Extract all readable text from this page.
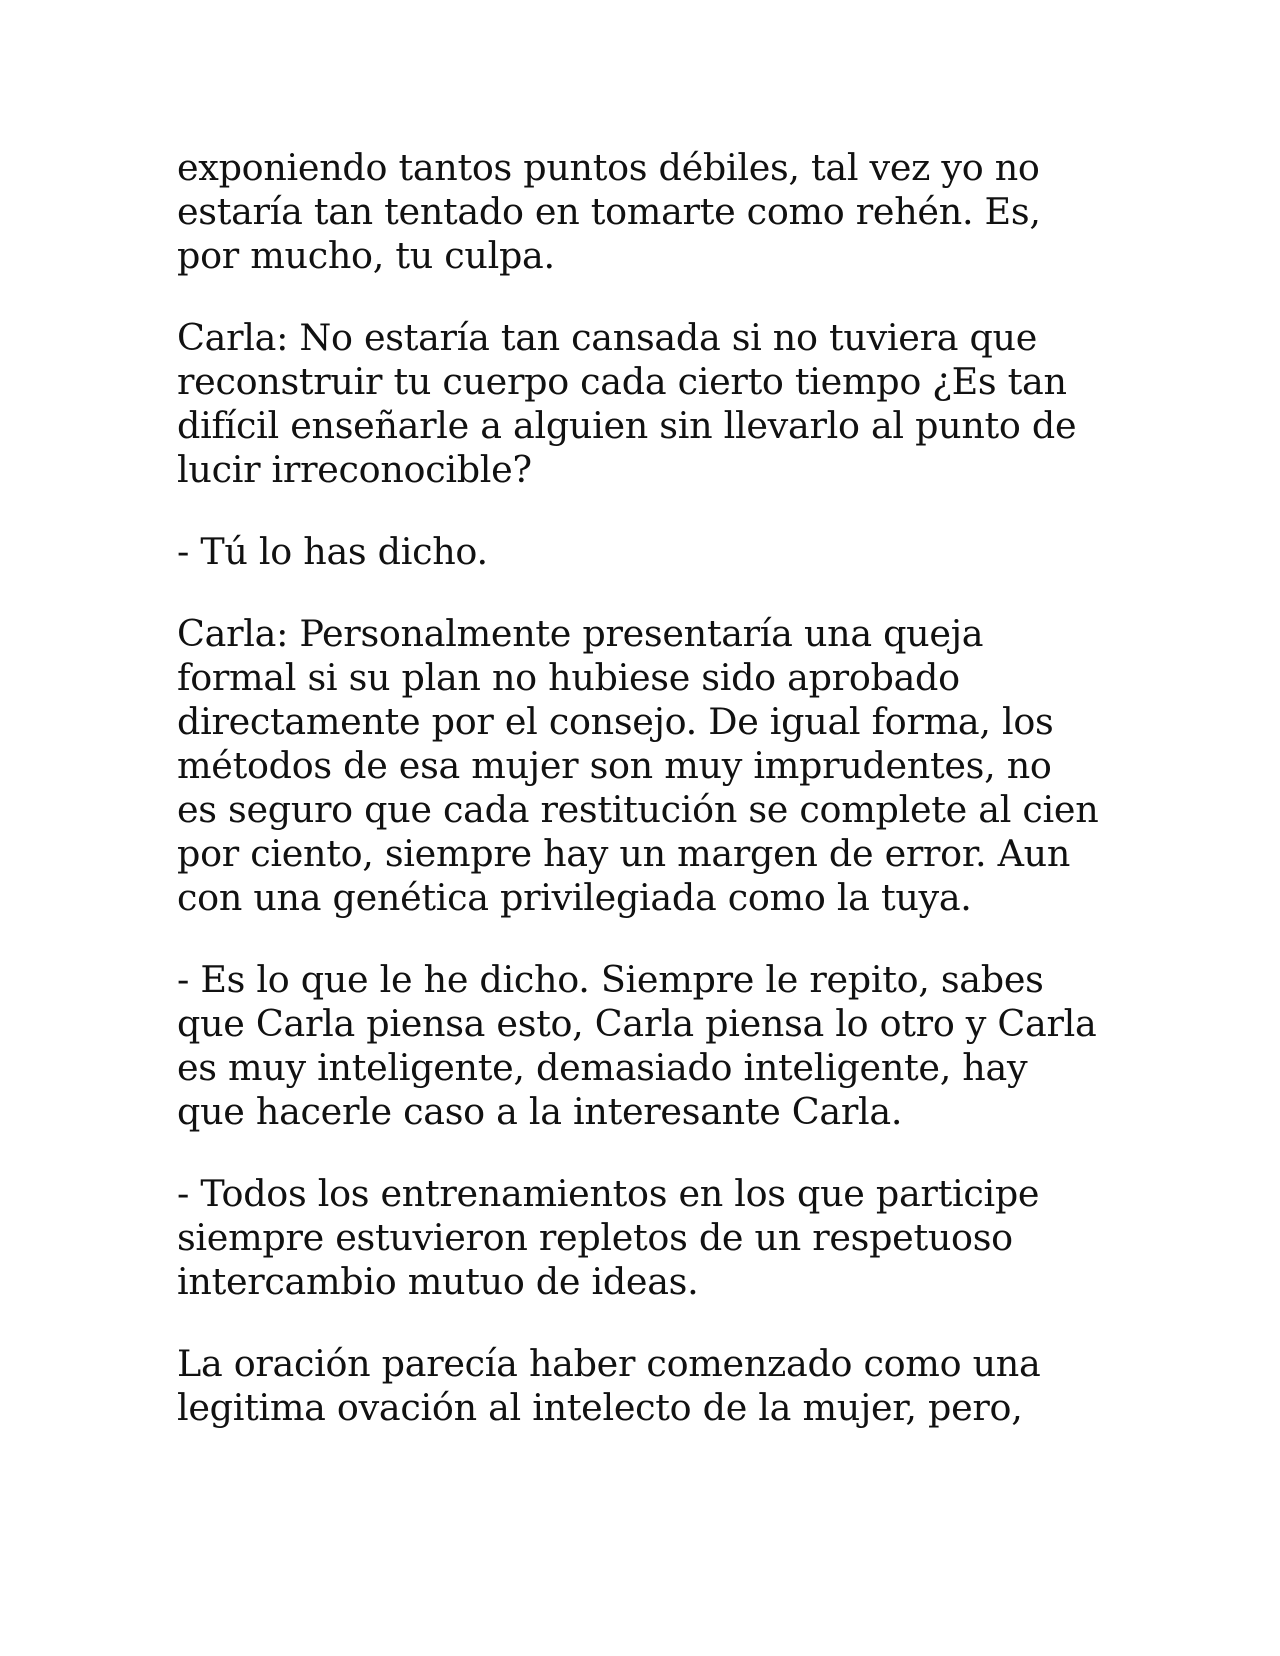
exponiendo tantos puntos débiles, tal vez yo no
estaría tan tentado en tomarte como rehén. Es,
por mucho, tu culpa.

Carla: No estaría tan cansada si no tuviera que
reconstruir tu cuerpo cada cierto tiempo ¿Es tan
difícil enseñarle a alguien sin llevarlo al punto de
lucir irreconocible?

- Tú lo has dicho.

Carla: Personalmente presentaría una queja
formal si su plan no hubiese sido aprobado
directamente por el consejo. De igual forma, los
métodos de esa mujer son muy imprudentes, no
es seguro que cada restitución se complete al cien
por ciento, siempre hay un margen de error. Aun
con una genética privilegiada como la tuya.

- Es lo que le he dicho. Siempre le repito, sabes
que Carla piensa esto, Carla piensa lo otro y Carla
es muy inteligente, demasiado inteligente, hay
que hacerle caso a la interesante Carla.

- Todos los entrenamientos en los que participe
siempre estuvieron repletos de un respetuoso
intercambio mutuo de ideas.

La oración parecía haber comenzado como una
legitima ovación al intelecto de la mujer, pero,
